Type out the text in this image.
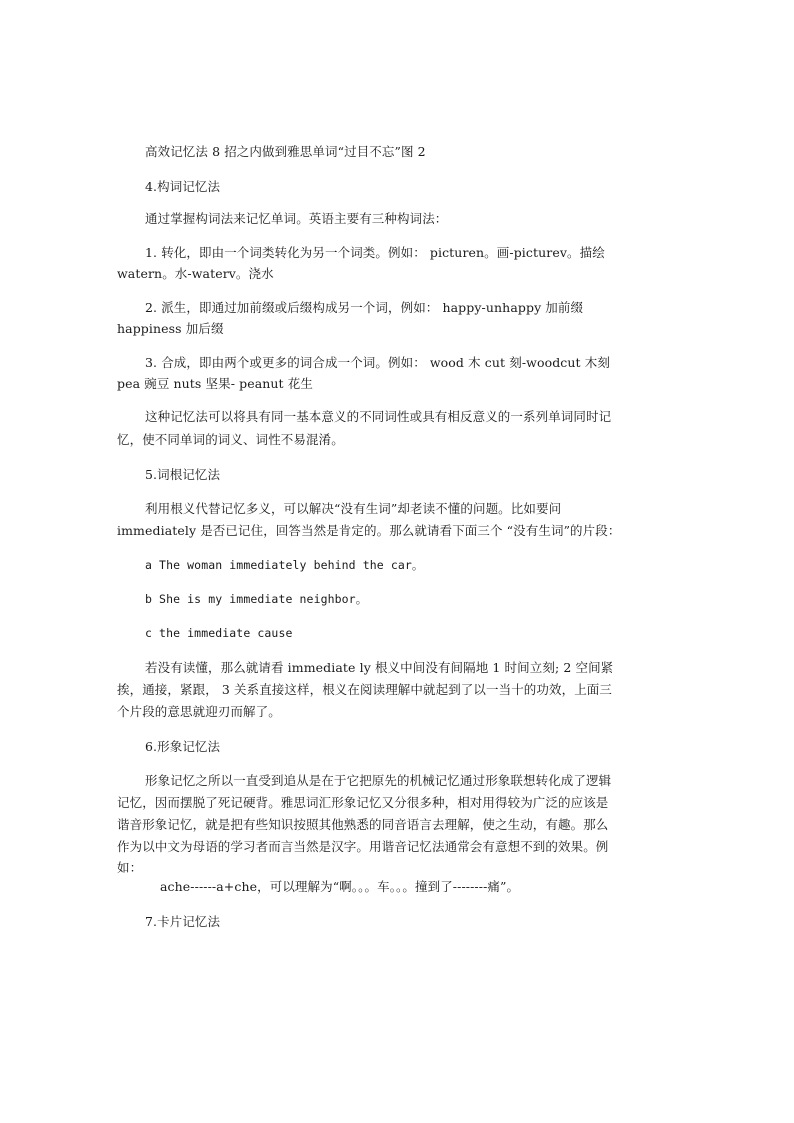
高效记忆法 8 招之内做到雅思单词“过目不忘”图 2
4.构词记忆法
通过掌握构词法来记忆单词。英语主要有三种构词法：
1. 转化，即由一个词类转化为另一个词类。例如： picturen。画-picturev。描绘
watern。水-waterv。浇水
2. 派生，即通过加前缀或后缀构成另一个词，例如： happy-unhappy 加前缀
happiness 加后缀
3. 合成，即由两个或更多的词合成一个词。例如： wood 木 cut 刻-woodcut 木刻
pea 豌豆 nuts 坚果- peanut 花生
这种记忆法可以将具有同一基本意义的不同词性或具有相反意义的一系列单词同时记
忆，使不同单词的词义、词性不易混淆。
5.词根记忆法
利用根义代替记忆多义，可以解决“没有生词”却老读不懂的问题。比如要问
immediately 是否已记住，回答当然是肯定的。那么就请看下面三个 “没有生词”的片段：
a The woman immediately behind the car。
b She is my immediate neighbor。
c the immediate cause
若没有读懂，那么就请看 immediate ly 根义中间没有间隔地 1 时间立刻; 2 空间紧
挨，通接，紧跟， 3 关系直接这样，根义在阅读理解中就起到了以一当十的功效，上面三
个片段的意思就迎刃而解了。
6.形象记忆法
形象记忆之所以一直受到追从是在于它把原先的机械记忆通过形象联想转化成了逻辑
记忆，因而摆脱了死记硬背。雅思词汇形象记忆又分很多种，相对用得较为广泛的应该是
谐音形象记忆，就是把有些知识按照其他熟悉的同音语言去理解，使之生动，有趣。那么
作为以中文为母语的学习者而言当然是汉字。用谐音记忆法通常会有意想不到的效果。例
如：
ache------a+che，可以理解为“啊。。。车。。。撞到了--------痛”。
7.卡片记忆法
